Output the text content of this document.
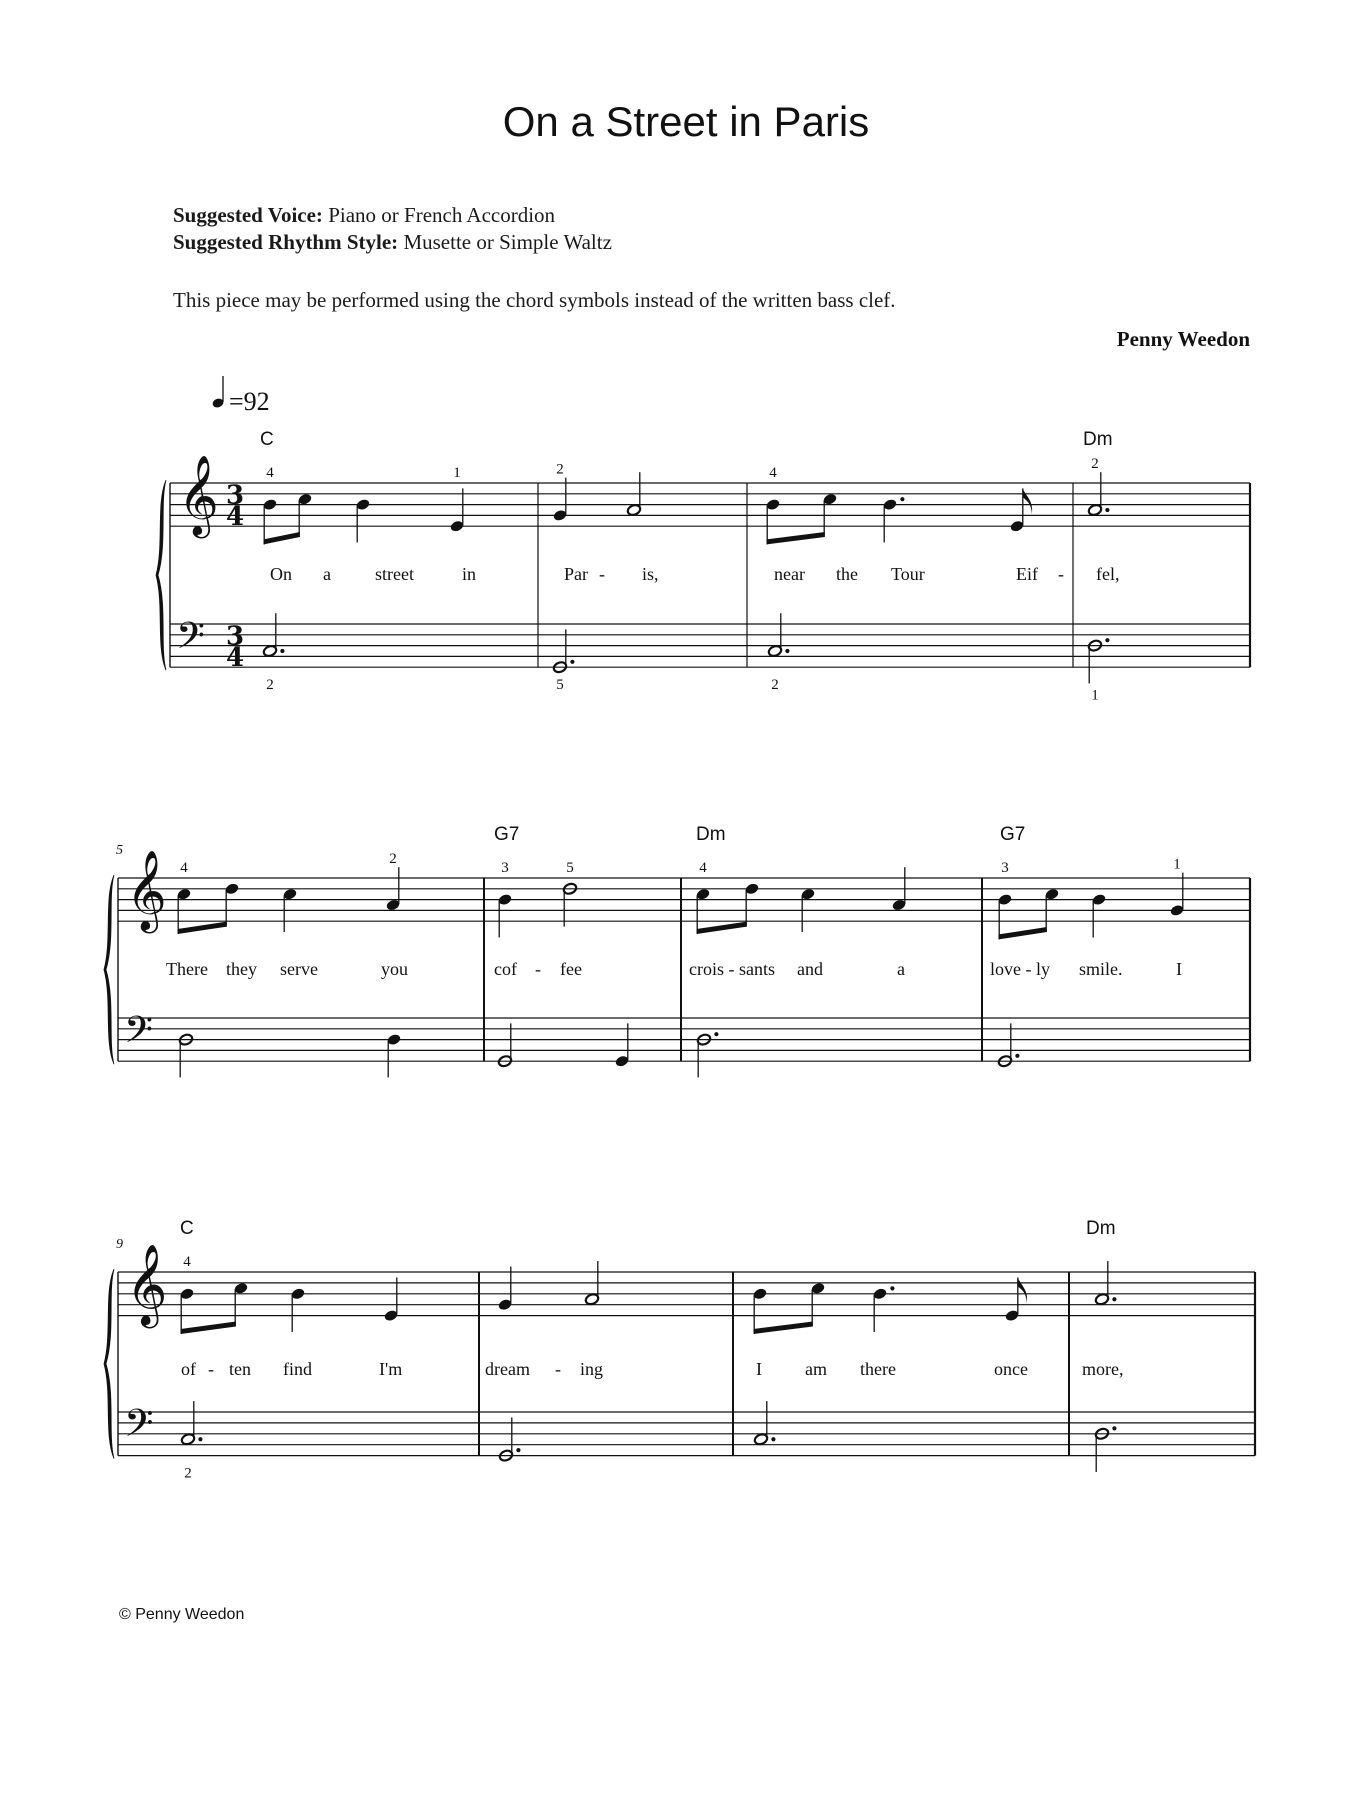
On a Street in Paris
Suggested Voice: Piano or French Accordion
Suggested Rhythm Style: Musette or Simple Waltz
This piece may be performed using the chord symbols instead of the written bass clef.
Penny Weedon
=92
𝄞
𝄢
3
4
3
4
C	Dm
4	1
2
On a street	in
2
5
Par - is,
4
2
near the Tour	Eif -
2
1
fel,
𝄞
𝄢
5
G7	Dm	G7
4
2
There they serve	you
3	5
cof - fee
4
crois - sants and	a
3	1
love - ly smile.	I
𝄞
𝄢
9
C	Dm
4
2
of - ten find	I'm	dream - ing	I am there	once	more,
© Penny Weedon
